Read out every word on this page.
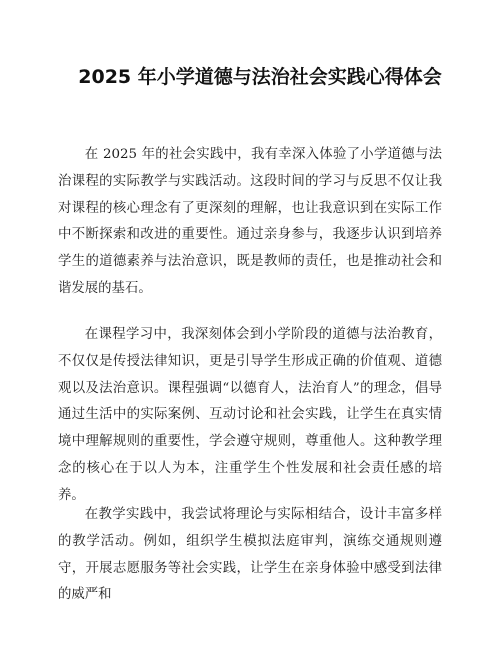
2025 年小学道德与法治社会实践心得体会

在 2025 年的社会实践中，我有幸深入体验了小学道德与法治课程的实际教学与实践活动。这段时间的学习与反思不仅让我对课程的核心理念有了更深刻的理解，也让我意识到在实际工作中不断探索和改进的重要性。通过亲身参与，我逐步认识到培养学生的道德素养与法治意识，既是教师的责任，也是推动社会和谐发展的基石。

在课程学习中，我深刻体会到小学阶段的道德与法治教育，不仅仅是传授法律知识，更是引导学生形成正确的价值观、道德观以及法治意识。课程强调“以德育人，法治育人”的理念，倡导通过生活中的实际案例、互动讨论和社会实践，让学生在真实情境中理解规则的重要性，学会遵守规则，尊重他人。这种教学理念的核心在于以人为本，注重学生个性发展和社会责任感的培养。

在教学实践中，我尝试将理论与实际相结合，设计丰富多样的教学活动。例如，组织学生模拟法庭审判，演练交通规则遵守，开展志愿服务等社会实践，让学生在亲身体验中感受到法律的威严和
